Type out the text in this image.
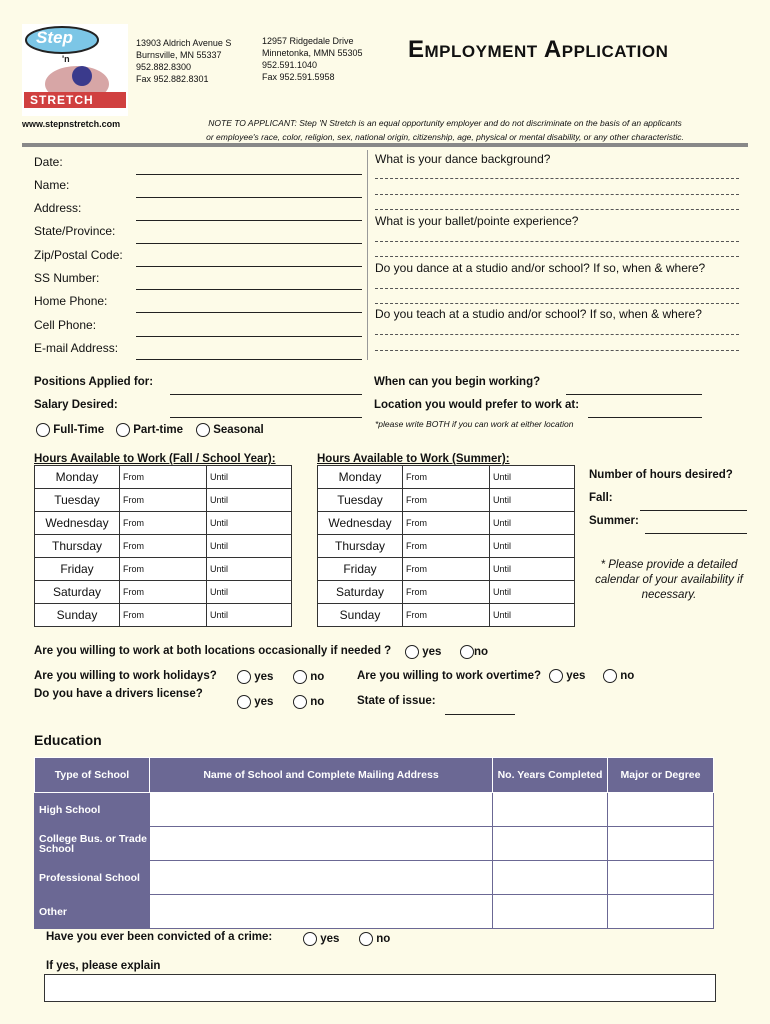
Step
'n
STRETCH
www.stepnstretch.com
13903 Aldrich Avenue S
Burnsville, MN 55337
952.882.8300
Fax 952.882.8301
12957 Ridgedale Drive
Minnetonka, MMN 55305
952.591.1040
Fax 952.591.5958
Employment Application
NOTE TO APPLICANT: Step 'N Stretch is an equal opportunity employer and do not discriminate on the basis of an applicants
or employee's race, color, religion, sex, national origin, citizenship, age, physical or mental disability, or any other characteristic.
Date:
Name:
Address:
State/Province:
Zip/Postal Code:
SS Number:
Home Phone:
Cell Phone:
E-mail Address:
What is your dance background?
What is your ballet/pointe experience?
Do you dance at a studio and/or school? If so, when & where?
Do you teach at a studio and/or school? If so, when & where?
Positions Applied for:
Salary Desired:
Full-Time	Part-time	Seasonal
When can you begin working?
Location you would prefer to work at:
*please write BOTH if you can work at either location
Hours Available to Work (Fall / School Year):	Hours Available to Work (Summer):
Monday	From	Until
Tuesday	From	Until
Wednesday	From	Until
Thursday	From	Until
Friday	From	Until
Saturday	From	Until
Sunday	From	Until
Monday	From	Until
Tuesday	From	Until
Wednesday	From	Until
Thursday	From	Until
Friday	From	Until
Saturday	From	Until
Sunday	From	Until
Number of hours desired?
Fall:
Summer:
* Please provide a detailed calendar of your availability if necessary.
Are you willing to work at both locations occasionally if needed ?	yes	no
Are you willing to work holidays?	yes	no	Are you willing to work overtime?	yes	no
Do you have a drivers license?
yes	no	State of issue:
Education
Type of School	Name of School and Complete Mailing Address	No. Years Completed	Major or Degree
High School			
College Bus. or Trade School			
Professional School			
Other			
Have you ever been convicted of a crime:	yes	no
If yes, please explain
